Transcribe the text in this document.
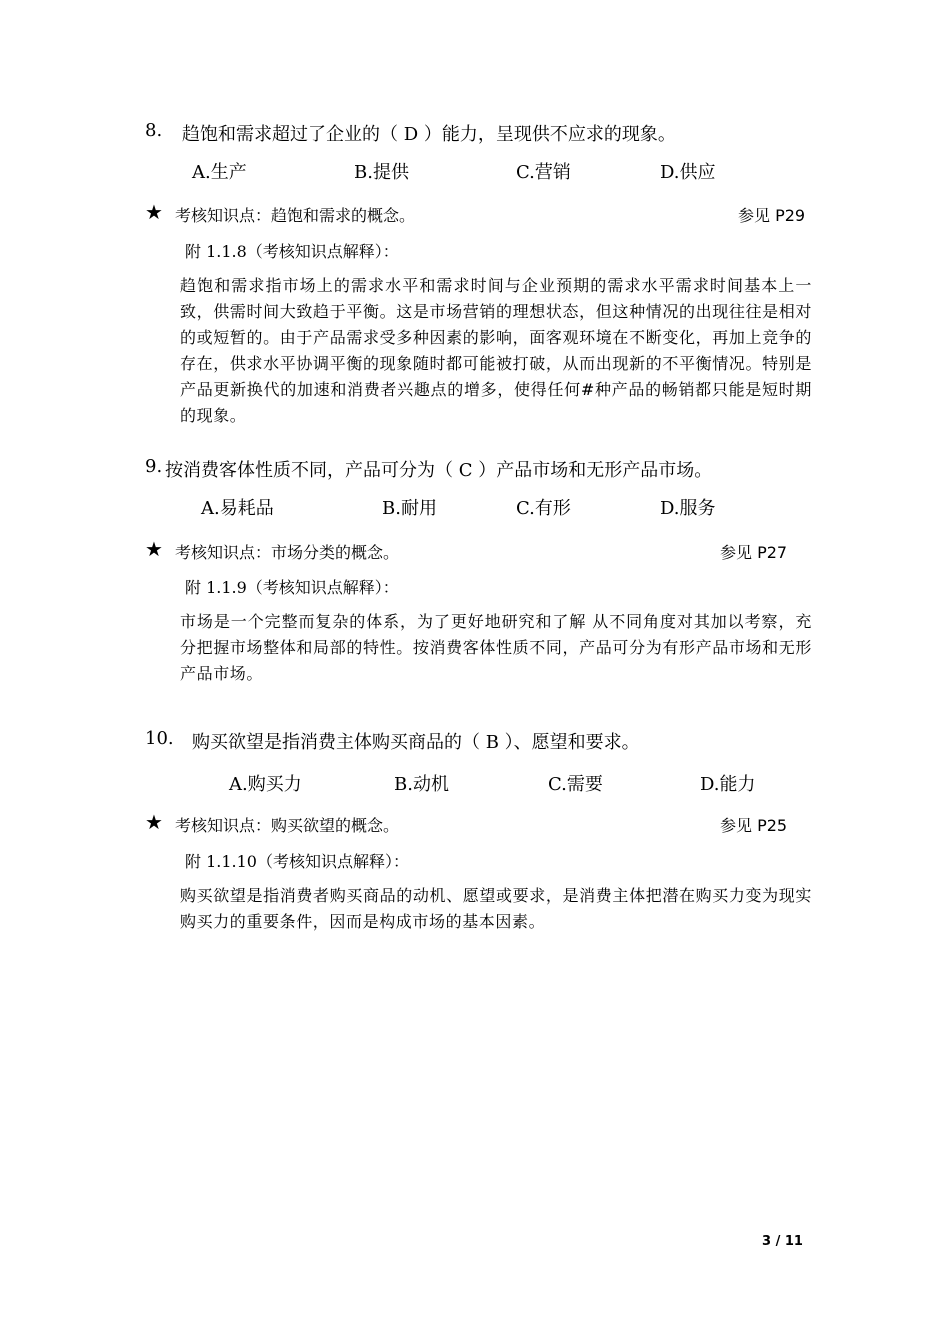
8. 趋饱和需求超过了企业的（ D ）能力，呈现供不应求的现象。
A.生产	B.提供	C.营销	D.供应
★ 考核知识点：趋饱和需求的概念。	参见 P29
附 1.1.8（考核知识点解释）：
趋饱和需求指市场上的需求水平和需求时间与企业预期的需求水平需求时间基本上一致，供需时间大致趋于平衡。这是市场营销的理想状态，但这种情况的出现往往是相对的或短暂的。由于产品需求受多种因素的影响，面客观环境在不断变化，再加上竞争的存在，供求水平协调平衡的现象随时都可能被打破，从而出现新的不平衡情况。特别是产品更新换代的加速和消费者兴趣点的增多，使得任何#种产品的畅销都只能是短时期的现象。
9. 按消费客体性质不同，产品可分为（ C ）产品市场和无形产品市场。
A.易耗品	B.耐用	C.有形	D.服务
★ 考核知识点：市场分类的概念。	参见 P27
附 1.1.9（考核知识点解释）：
市场是一个完整而复杂的体系，为了更好地研究和了解 从不同角度对其加以考察，充分把握市场整体和局部的特性。按消费客体性质不同，产品可分为有形产品市场和无形产品市场。
10. 购买欲望是指消费主体购买商品的（ B ）、愿望和要求。
A.购买力	B.动机	C.需要	D.能力
★ 考核知识点：购买欲望的概念。	参见 P25
附 1.1.10（考核知识点解释）：
购买欲望是指消费者购买商品的动机、愿望或要求，是消费主体把潜在购买力变为现实购买力的重要条件，因而是构成市场的基本因素。
3 / 11
